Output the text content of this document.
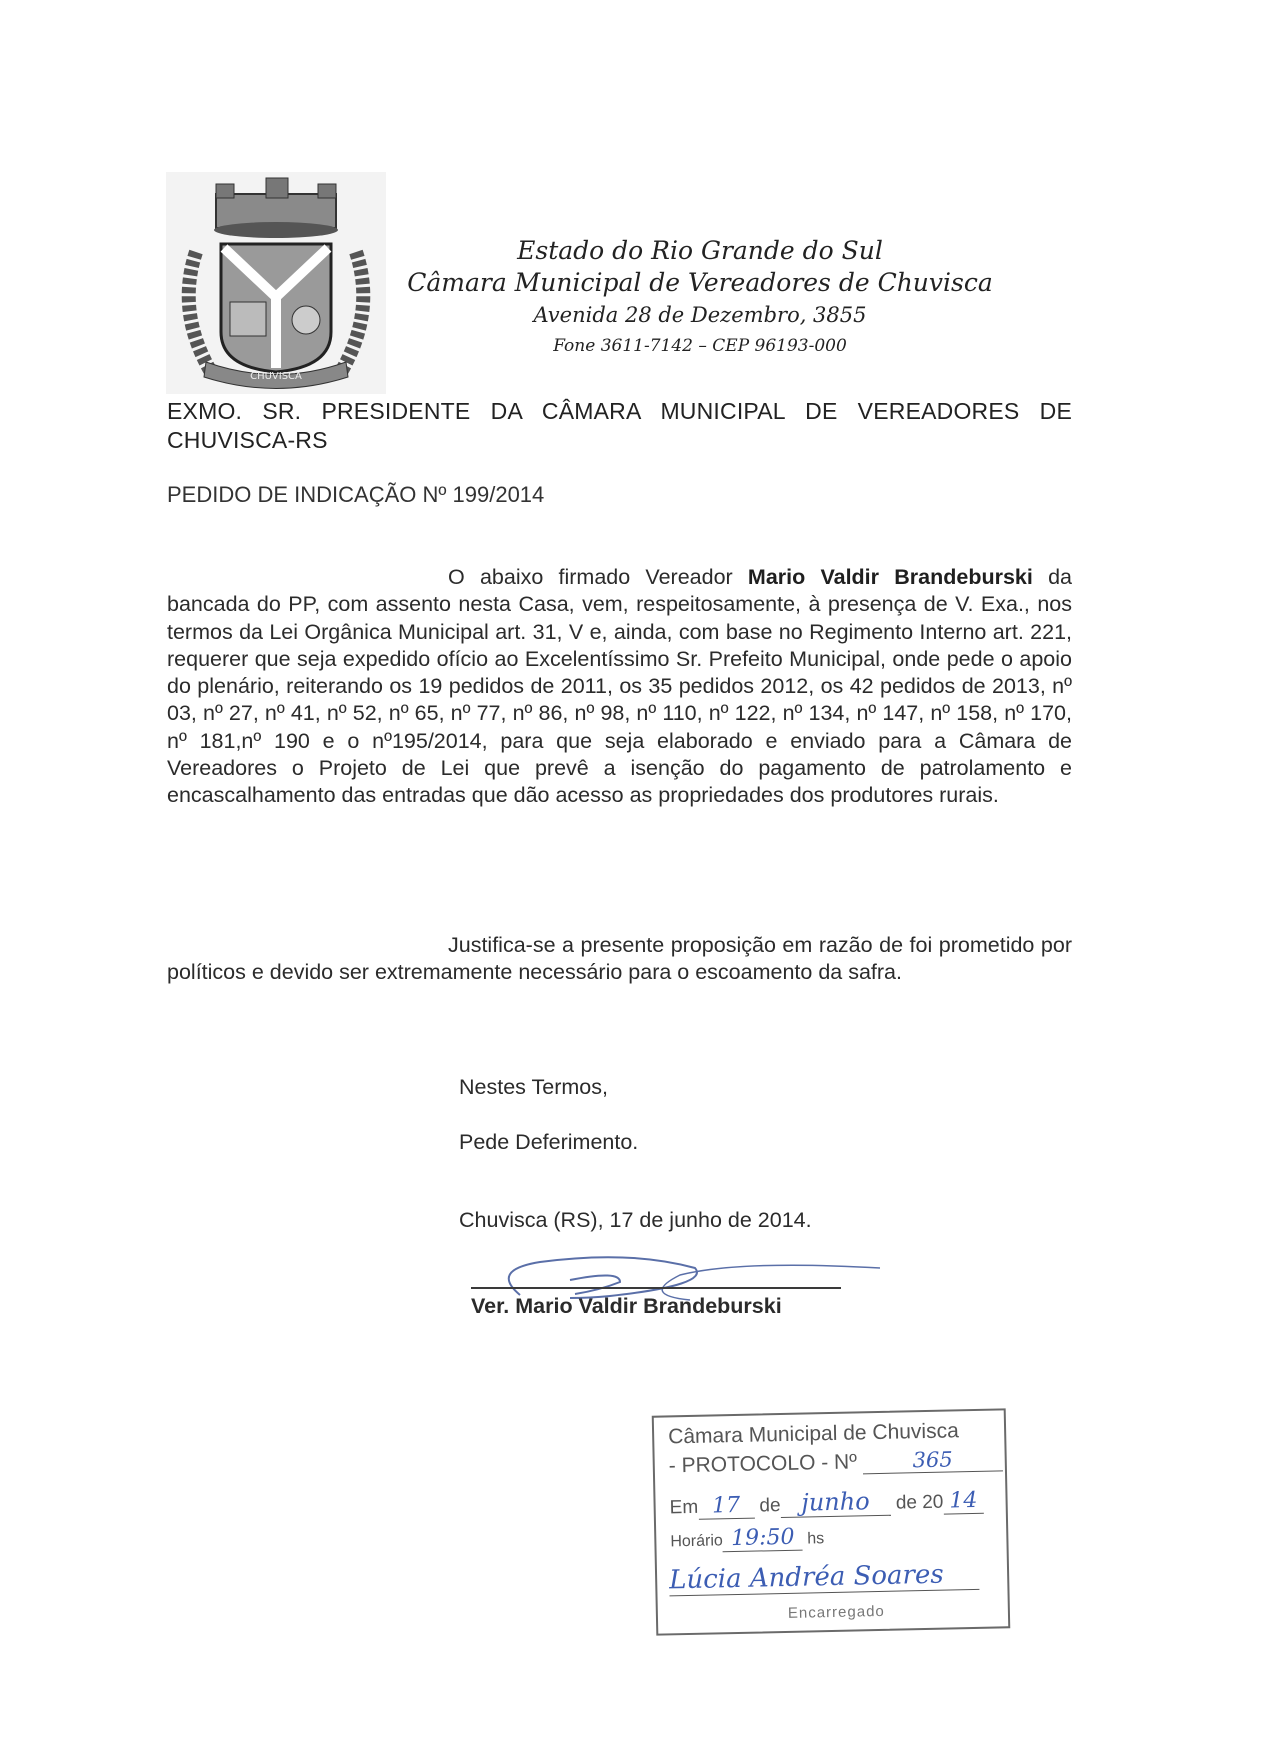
CHUVISCA
Estado do Rio Grande do Sul
Câmara Municipal de Vereadores de Chuvisca
Avenida 28 de Dezembro, 3855
Fone 3611-7142 – CEP 96193-000
EXMO. SR. PRESIDENTE DA CÂMARA MUNICIPAL DE VEREADORES DE CHUVISCA-RS
PEDIDO DE INDICAÇÃO Nº 199/2014
O abaixo firmado Vereador Mario Valdir Brandeburski da bancada do PP, com assento nesta Casa, vem, respeitosamente, à presença de V. Exa., nos termos da Lei Orgânica Municipal art. 31, V e, ainda, com base no Regimento Interno art. 221, requerer que seja expedido ofício ao Excelentíssimo Sr. Prefeito Municipal, onde pede o apoio do plenário, reiterando os 19 pedidos de 2011, os 35 pedidos 2012, os 42 pedidos de 2013, nº 03, nº 27, nº 41, nº 52, nº 65, nº 77, nº 86, nº 98, nº 110, nº 122, nº 134, nº 147, nº 158, nº 170, nº 181,nº 190 e o nº195/2014, para que seja elaborado e enviado para a Câmara de Vereadores o Projeto de Lei que prevê a isenção do pagamento de patrolamento e encascalhamento das entradas que dão acesso as propriedades dos produtores rurais.
Justifica-se a presente proposição em razão de foi prometido por políticos e devido ser extremamente necessário para o escoamento da safra.
Nestes Termos,
Pede Deferimento.
Chuvisca (RS), 17 de junho de 2014.
Ver. Mario Valdir Brandeburski
Câmara Municipal de Chuvisca
- PROTOCOLO - Nº	365
Em 17 de junho de 20 14
Horário 19:50 hs
Lúcia Andréa Soares
Encarregado
